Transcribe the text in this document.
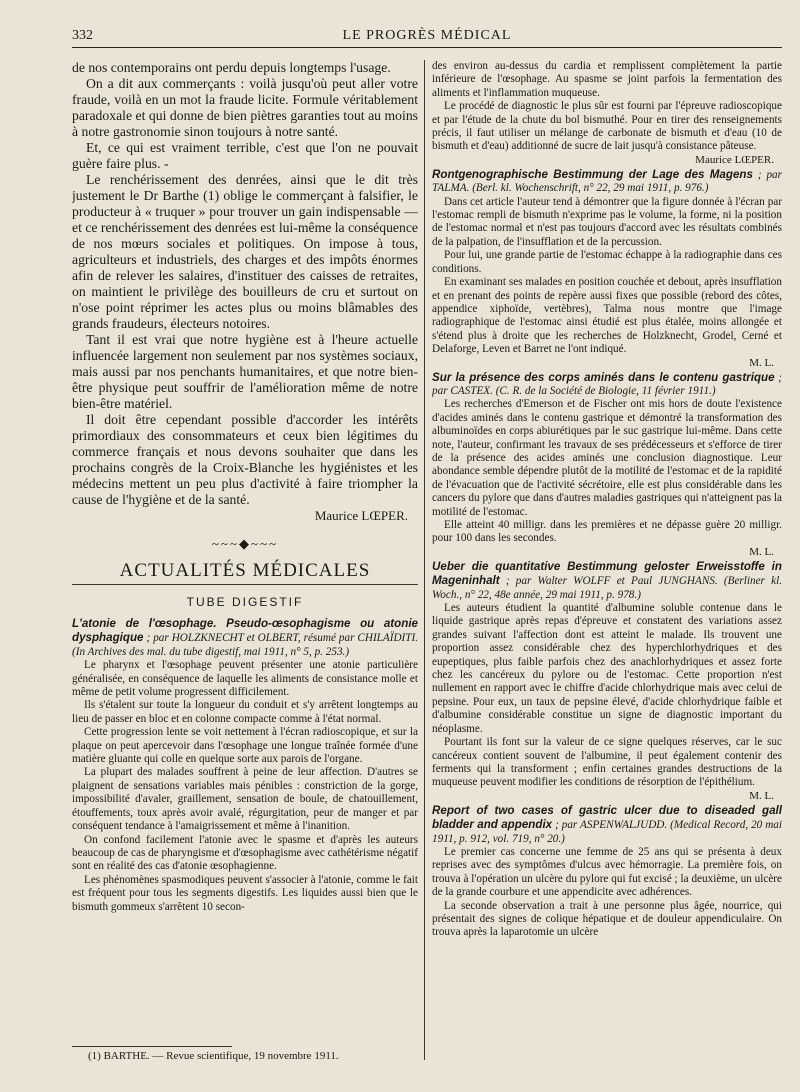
332	LE PROGRÈS MÉDICAL

de nos contemporains ont perdu depuis longtemps l'usage.

On a dit aux commerçants : voilà jusqu'où peut aller votre fraude, voilà en un mot la fraude licite. Formule véritablement paradoxale et qui donne de bien piètres garanties tout au moins à notre gastronomie sinon toujours à notre santé.

Et, ce qui est vraiment terrible, c'est que l'on ne pouvait guère faire plus. -

Le renchérissement des denrées, ainsi que le dit très justement le Dr Barthe (1) oblige le commerçant à falsifier, le producteur à « truquer » pour trouver un gain indispensable — et ce renchérissement des denrées est lui-même la conséquence de nos mœurs sociales et politiques. On impose à tous, agriculteurs et industriels, des charges et des impôts énormes afin de relever les salaires, d'instituer des caisses de retraites, on maintient le privilège des bouilleurs de cru et surtout on n'ose point réprimer les actes plus ou moins blâmables des grands fraudeurs, électeurs notoires.

Tant il est vrai que notre hygiène est à l'heure actuelle influencée largement non seulement par nos systèmes sociaux, mais aussi par nos penchants humanitaires, et que notre bien-être physique peut souffrir de l'amélioration même de notre bien-être matériel.

Il doit être cependant possible d'accorder les intérêts primordiaux des consommateurs et ceux bien légitimes du commerce français et nous devons souhaiter que dans les prochains congrès de la Croix-Blanche les hygiénistes et les médecins mettent un peu plus d'activité à faire triompher la cause de l'hygiène et de la santé.

Maurice LŒPER.

~~~◆~~~
ACTUALITÉS MÉDICALES
TUBE DIGESTIF

L'atonie de l'œsophage. Pseudo-œsophagisme ou atonie dysphagique ; par HOLZKNECHT et OLBERT, résumé par CHILAÏDITI. (In Archives des mal. du tube digestif, mai 1911, n° 5, p. 253.)

Le pharynx et l'œsophage peuvent présenter une atonie particulière généralisée, en conséquence de laquelle les aliments de consistance molle et même de petit volume progressent difficilement.

Ils s'étalent sur toute la longueur du conduit et s'y arrêtent longtemps au lieu de passer en bloc et en colonne compacte comme à l'état normal.

Cette progression lente se voit nettement à l'écran radioscopique, et sur la plaque on peut apercevoir dans l'œsophage une longue traînée formée d'une matière gluante qui colle en quelque sorte aux parois de l'organe.

La plupart des malades souffrent à peine de leur affection. D'autres se plaignent de sensations variables mais pénibles : constriction de la gorge, impossibilité d'avaler, graillement, sensation de boule, de chatouillement, étouffements, toux après avoir avalé, régurgitation, peur de manger et par conséquent tendance à l'amaigrissement et même à l'inanition.

On confond facilement l'atonie avec le spasme et d'après les auteurs beaucoup de cas de pharyngisme et d'œsophagisme avec cathétérisme négatif sont en réalité des cas d'atonie œsophagienne.

Les phénomènes spasmodiques peuvent s'associer à l'atonie, comme le fait est fréquent pour tous les segments digestifs. Les liquides aussi bien que le bismuth gommeux s'arrêtent 10 secon-

des environ au-dessus du cardia et remplissent complètement la partie inférieure de l'œsophage. Au spasme se joint parfois la fermentation des aliments et l'inflammation muqueuse.

Le procédé de diagnostic le plus sûr est fourni par l'épreuve radioscopique et par l'étude de la chute du bol bismuthé. Pour en tirer des renseignements précis, il faut utiliser un mélange de carbonate de bismuth et d'eau (10 de bismuth et d'eau) additionné de sucre de lait jusqu'à consistance pâteuse.

Maurice LŒPER.

Rontgenographische Bestimmung der Lage des Magens ; par TALMA. (Berl. kl. Wochenschrift, n° 22, 29 mai 1911, p. 976.)

Dans cet article l'auteur tend à démontrer que la figure donnée à l'écran par l'estomac rempli de bismuth n'exprime pas le volume, la forme, ni la position de l'estomac normal et n'est pas toujours d'accord avec les résultats combinés de la palpation, de l'insufflation et de la percussion.

Pour lui, une grande partie de l'estomac échappe à la radiographie dans ces conditions.

En examinant ses malades en position couchée et debout, après insufflation et en prenant des points de repère aussi fixes que possible (rebord des côtes, appendice xiphoïde, vertèbres), Talma nous montre que l'image radiographique de l'estomac ainsi étudié est plus étalée, moins allongée et s'étend plus à droite que les recherches de Holzknecht, Grodel, Cerné et Delaforge, Leven et Barret ne l'ont indiqué.

M. L.

Sur la présence des corps aminés dans le contenu gastrique ; par CASTEX. (C. R. de la Société de Biologie, 11 février 1911.)

Les recherches d'Emerson et de Fischer ont mis hors de doute l'existence d'acides aminés dans le contenu gastrique et démontré la transformation des albuminoïdes en corps abiurétiques par le suc gastrique lui-même. Dans cette note, l'auteur, confirmant les travaux de ses prédécesseurs et s'efforce de tirer de la présence des acides aminés une conclusion diagnostique. Leur abondance semble dépendre plutôt de la motilité de l'estomac et de la rapidité de l'évacuation que de l'activité sécrétoire, elle est plus considérable dans les cancers du pylore que dans d'autres maladies gastriques qui n'atteignent pas la motilité de l'estomac.

Elle atteint 40 milligr. dans les premières et ne dépasse guère 20 milligr. pour 100 dans les secondes.

M. L.

Ueber die quantitative Bestimmung geloster Erweisstoffe in Mageninhalt ; par Walter WOLFF et Paul JUNGHANS. (Berliner kl. Woch., n° 22, 48e année, 29 mai 1911, p. 978.)

Les auteurs étudient la quantité d'albumine soluble contenue dans le liquide gastrique après repas d'épreuve et constatent des variations assez grandes suivant l'affection dont est atteint le malade. Ils trouvent une proportion assez considérable chez des hyperchlorhydriques et des eupeptiques, plus faible parfois chez des anachlorhydriques et assez forte chez les cancéreux du pylore ou de l'estomac. Cette proportion n'est nullement en rapport avec le chiffre d'acide chlorhydrique mais avec celui de pepsine. Pour eux, un taux de pepsine élevé, d'acide chlorhydrique faible et d'albumine considérable constitue un signe de diagnostic important du néoplasme.

Pourtant ils font sur la valeur de ce signe quelques réserves, car le suc cancéreux contient souvent de l'albumine, il peut également contenir des ferments qui la transforment ; enfin certaines grandes destructions de la muqueuse peuvent modifier les conditions de résorption de l'épithélium.

M. L.

Report of two cases of gastric ulcer due to diseaded gall bladder and appendix ; par ASPENWALJUDD. (Medical Record, 20 mai 1911, p. 912, vol. 719, n° 20.)

Le premier cas concerne une femme de 25 ans qui se présenta à deux reprises avec des symptômes d'ulcus avec hémorragie. La première fois, on trouva à l'opération un ulcère du pylore qui fut excisé ; la deuxième, un ulcère de la grande courbure et une appendicite avec adhérences.

La seconde observation a trait à une personne plus âgée, nourrice, qui présentait des signes de colique hépatique et de douleur appendiculaire. On trouva après la laparotomie un ulcère

(1) BARTHE. — Revue scientifique, 19 novembre 1911.
